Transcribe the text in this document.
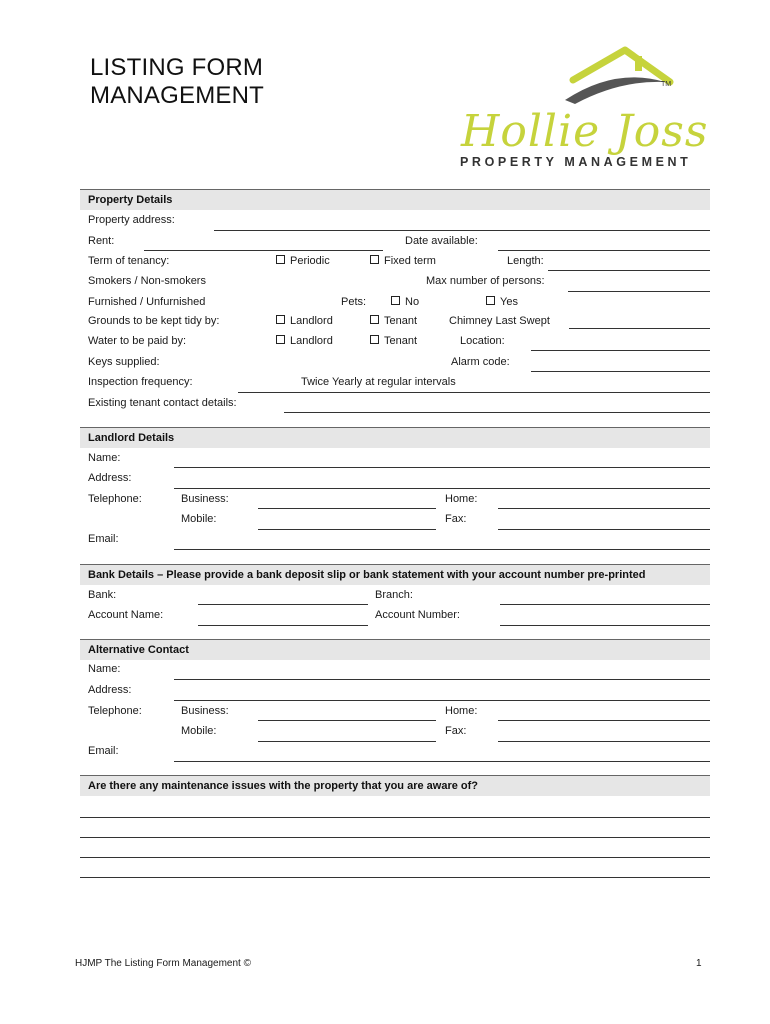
LISTING FORM
MANAGEMENT	TM
Hollie Joss
PROPERTY MANAGEMENT
Property Details
Property address:
Rent:	Date available:
Term of tenancy:	Periodic	Fixed term	Length:
Smokers / Non-smokers	Max number of persons:
Furnished / Unfurnished	Pets:	No	Yes
Grounds to be kept tidy by:	Landlord	Tenant	Chimney Last Swept
Water to be paid by:	Landlord	Tenant	Location:
Keys supplied:	Alarm code:
Inspection frequency:	Twice Yearly at regular intervals
Existing tenant contact details:
Landlord Details
Name:
Address:
Telephone:	Business:	Home:
Mobile:	Fax:
Email:
Bank Details – Please provide a bank deposit slip or bank statement with your account number pre-printed
Bank:	Branch:
Account Name:	Account Number:
Alternative Contact
Name:
Address:
Telephone:	Business:	Home:
Mobile:	Fax:
Email:
Are there any maintenance issues with the property that you are aware of?
HJMP The Listing Form Management ©	1
